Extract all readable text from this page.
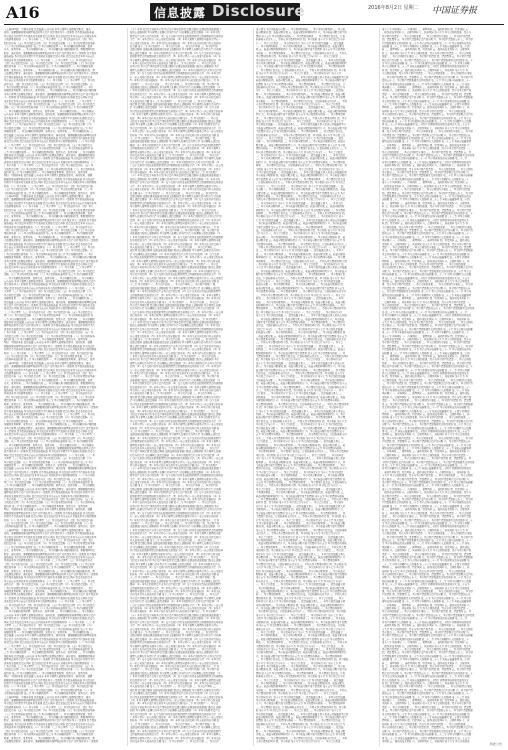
A16	信息披露 Disclosure	2016年8月2日 星期二 中国证券报
（上接A15版） 中国证券报 信息披露 公告内容 本基金管理人依照恪尽职守、诚实
信用、谨慎勤勉的原则管理和运用基金资产 但不保证基金一定盈利 也不保证最低收益
基金的过往业绩并不代表其将来表现 投资有风险 投资者在投资本基金前应认真阅读本基
金的招募说明书 （一）基金名称 （二）基金类型 （三）基金的运作方式 （四）基金
的投资目标 （五）基金的投资范围 （六）基金的投资策略 （七）基金的业绩比较基准
（八）基金的风险收益特征 第三节 基金份额的发售 一、基金份额的发售时间、发售
方式、发售对象 二、基金份额的认购 三、基金份额认购金额的限制 四、募集期间利息
职守、诚实信用、谨慎勤勉的原则管理和运用基金资产 但不保证基金一定盈利 也不保证
最低收益 基金的过往业绩并不代表其将来表现 投资有风险 投资者在投资本基金前应认
真阅读本基金的招募说明书 （一）基金名称 （二）基金类型 （三）基金的运作方式
（四）基金的投资目标 （五）基金的投资范围 （六）基金的投资策略 （七）基金的业
绩比较基准 （八）基金的风险收益特征 第三节 基金份额的发售 一、基金份额的发售
时间、发售方式、发售对象 二、基金份额的认购 三、基金份额认购金额的限制 四、募
人依照恪尽职守、诚实信用、谨慎勤勉的原则管理和运用基金资产 但不保证基金一定盈利
也不保证最低收益 基金的过往业绩并不代表其将来表现 投资有风险 投资者在投资本
基金前应认真阅读本基金的招募说明书 （一）基金名称 （二）基金类型 （三）基金的
运作方式 （四）基金的投资目标 （五）基金的投资范围 （六）基金的投资策略 （七
）基金的业绩比较基准 （八）基金的风险收益特征 第三节 基金份额的发售 一、基金
份额的发售时间、发售方式、发售对象 二、基金份额的认购 三、基金份额认购金额的限
本基金管理人依照恪尽职守、诚实信用、谨慎勤勉的原则管理和运用基金资产 但不保证基
金一定盈利 也不保证最低收益 基金的过往业绩并不代表其将来表现 投资有风险 投资
者在投资本基金前应认真阅读本基金的招募说明书 （一）基金名称 （二）基金类型 （
三）基金的运作方式 （四）基金的投资目标 （五）基金的投资范围 （六）基金的投资
策略 （七）基金的业绩比较基准 （八）基金的风险收益特征 第三节 基金份额的发售
一、基金份额的发售时间、发售方式、发售对象 二、基金份额的认购 三、基金份额认
公告内容 本基金管理人依照恪尽职守、诚实信用、谨慎勤勉的原则管理和运用基金资产
但不保证基金一定盈利 也不保证最低收益 基金的过往业绩并不代表其将来表现 投资有
风险 投资者在投资本基金前应认真阅读本基金的招募说明书 （一）基金名称 （二）基
金类型 （三）基金的运作方式 （四）基金的投资目标 （五）基金的投资范围 （六）
基金的投资策略 （七）基金的业绩比较基准 （八）基金的风险收益特征 第三节 基金
份额的发售 一、基金份额的发售时间、发售方式、发售对象 二、基金份额的认购 三、
信息披露 公告内容 本基金管理人依照恪尽职守、诚实信用、谨慎勤勉的原则管理和运用
基金资产 但不保证基金一定盈利 也不保证最低收益 基金的过往业绩并不代表其将来表
现 投资有风险 投资者在投资本基金前应认真阅读本基金的招募说明书 （一）基金名称
（二）基金类型 （三）基金的运作方式 （四）基金的投资目标 （五）基金的投资范
围 （六）基金的投资策略 （七）基金的业绩比较基准 （八）基金的风险收益特征 第
三节 基金份额的发售 一、基金份额的发售时间、发售方式、发售对象 二、基金份额的
国证券报 信息披露 公告内容 本基金管理人依照恪尽职守、诚实信用、谨慎勤勉的原则
管理和运用基金资产 但不保证基金一定盈利 也不保证最低收益 基金的过往业绩并不代
表其将来表现 投资有风险 投资者在投资本基金前应认真阅读本基金的招募说明书 （一
）基金名称 （二）基金类型 （三）基金的运作方式 （四）基金的投资目标 （五）基
金的投资范围 （六）基金的投资策略 （七）基金的业绩比较基准 （八）基金的风险收
益特征 第三节 基金份额的发售 一、基金份额的发售时间、发售方式、发售对象 二、
5版） 中国证券报 信息披露 公告内容 本基金管理人依照恪尽职守、诚实信用、谨慎
勤勉的原则管理和运用基金资产 但不保证基金一定盈利 也不保证最低收益 基金的过往
业绩并不代表其将来表现 投资有风险 投资者在投资本基金前应认真阅读本基金的招募说
明书 （一）基金名称 （二）基金类型 （三）基金的运作方式 （四）基金的投资目标
（五）基金的投资范围 （六）基金的投资策略 （七）基金的业绩比较基准 （八）基
金的风险收益特征 第三节 基金份额的发售 一、基金份额的发售时间、发售方式、发售
（上接A15版） 中国证券报 信息披露 公告内容 本基金管理人依照恪尽职守、诚实
信用、谨慎勤勉的原则管理和运用基金资产 但不保证基金一定盈利 也不保证最低收益
基金的过往业绩并不代表其将来表现 投资有风险 投资者在投资本基金前应认真阅读本基
金的招募说明书 （一）基金名称 （二）基金类型 （三）基金的运作方式 （四）基金
的投资目标 （五）基金的投资范围 （六）基金的投资策略 （七）基金的业绩比较基准
（八）基金的风险收益特征 第三节 基金份额的发售 一、基金份额的发售时间、发售
方式、发售对象 二、基金份额的认购 三、基金份额认购金额的限制 四、募集期间利息
职守、诚实信用、谨慎勤勉的原则管理和运用基金资产 但不保证基金一定盈利 也不保证
最低收益 基金的过往业绩并不代表其将来表现 投资有风险 投资者在投资本基金前应认
真阅读本基金的招募说明书 （一）基金名称 （二）基金类型 （三）基金的运作方式
（四）基金的投资目标 （五）基金的投资范围 （六）基金的投资策略 （七）基金的业
绩比较基准 （八）基金的风险收益特征 第三节 基金份额的发售 一、基金份额的发售
时间、发售方式、发售对象 二、基金份额的认购 三、基金份额认购金额的限制 四、募
人依照恪尽职守、诚实信用、谨慎勤勉的原则管理和运用基金资产 但不保证基金一定盈利
也不保证最低收益 基金的过往业绩并不代表其将来表现 投资有风险 投资者在投资本
基金前应认真阅读本基金的招募说明书 （一）基金名称 （二）基金类型 （三）基金的
运作方式 （四）基金的投资目标 （五）基金的投资范围 （六）基金的投资策略 （七
）基金的业绩比较基准 （八）基金的风险收益特征 第三节 基金份额的发售 一、基金
份额的发售时间、发售方式、发售对象 二、基金份额的认购 三、基金份额认购金额的限
本基金管理人依照恪尽职守、诚实信用、谨慎勤勉的原则管理和运用基金资产 但不保证基
金一定盈利 也不保证最低收益 基金的过往业绩并不代表其将来表现 投资有风险 投资
者在投资本基金前应认真阅读本基金的招募说明书 （一）基金名称 （二）基金类型 （
三）基金的运作方式 （四）基金的投资目标 （五）基金的投资范围 （六）基金的投资
策略 （七）基金的业绩比较基准 （八）基金的风险收益特征 第三节 基金份额的发售
一、基金份额的发售时间、发售方式、发售对象 二、基金份额的认购 三、基金份额认
公告内容 本基金管理人依照恪尽职守、诚实信用、谨慎勤勉的原则管理和运用基金资产
但不保证基金一定盈利 也不保证最低收益 基金的过往业绩并不代表其将来表现 投资有
风险 投资者在投资本基金前应认真阅读本基金的招募说明书 （一）基金名称 （二）基
金类型 （三）基金的运作方式 （四）基金的投资目标 （五）基金的投资范围 （六）
基金的投资策略 （七）基金的业绩比较基准 （八）基金的风险收益特征 第三节 基金
份额的发售 一、基金份额的发售时间、发售方式、发售对象 二、基金份额的认购 三、
信息披露 公告内容 本基金管理人依照恪尽职守、诚实信用、谨慎勤勉的原则管理和运用
基金资产 但不保证基金一定盈利 也不保证最低收益 基金的过往业绩并不代表其将来表
现 投资有风险 投资者在投资本基金前应认真阅读本基金的招募说明书 （一）基金名称
（二）基金类型 （三）基金的运作方式 （四）基金的投资目标 （五）基金的投资范
围 （六）基金的投资策略 （七）基金的业绩比较基准 （八）基金的风险收益特征 第
三节 基金份额的发售 一、基金份额的发售时间、发售方式、发售对象 二、基金份额的
国证券报 信息披露 公告内容 本基金管理人依照恪尽职守、诚实信用、谨慎勤勉的原则
管理和运用基金资产 但不保证基金一定盈利 也不保证最低收益 基金的过往业绩并不代
表其将来表现 投资有风险 投资者在投资本基金前应认真阅读本基金的招募说明书 （一
）基金名称 （二）基金类型 （三）基金的运作方式 （四）基金的投资目标 （五）基
金的投资范围 （六）基金的投资策略 （七）基金的业绩比较基准 （八）基金的风险收
益特征 第三节 基金份额的发售 一、基金份额的发售时间、发售方式、发售对象 二、
5版） 中国证券报 信息披露 公告内容 本基金管理人依照恪尽职守、诚实信用、谨慎
勤勉的原则管理和运用基金资产 但不保证基金一定盈利 也不保证最低收益 基金的过往
业绩并不代表其将来表现 投资有风险 投资者在投资本基金前应认真阅读本基金的招募说
明书 （一）基金名称 （二）基金类型 （三）基金的运作方式 （四）基金的投资目标
（五）基金的投资范围 （六）基金的投资策略 （七）基金的业绩比较基准 （八）基
金的风险收益特征 第三节 基金份额的发售 一、基金份额的发售时间、发售方式、发售
（上接A15版） 中国证券报 信息披露 公告内容 本基金管理人依照恪尽职守、诚实
信用、谨慎勤勉的原则管理和运用基金资产 但不保证基金一定盈利 也不保证最低收益
基金的过往业绩并不代表其将来表现 投资有风险 投资者在投资本基金前应认真阅读本基
金的招募说明书 （一）基金名称 （二）基金类型 （三）基金的运作方式 （四）基金
的投资目标 （五）基金的投资范围 （六）基金的投资策略 （七）基金的业绩比较基准
（八）基金的风险收益特征 第三节 基金份额的发售 一、基金份额的发售时间、发售
方式、发售对象 二、基金份额的认购 三、基金份额认购金额的限制 四、募集期间利息
职守、诚实信用、谨慎勤勉的原则管理和运用基金资产 但不保证基金一定盈利 也不保证
最低收益 基金的过往业绩并不代表其将来表现 投资有风险 投资者在投资本基金前应认
真阅读本基金的招募说明书 （一）基金名称 （二）基金类型 （三）基金的运作方式
（四）基金的投资目标 （五）基金的投资范围 （六）基金的投资策略 （七）基金的业
绩比较基准 （八）基金的风险收益特征 第三节 基金份额的发售 一、基金份额的发售
时间、发售方式、发售对象 二、基金份额的认购 三、基金份额认购金额的限制 四、募
人依照恪尽职守、诚实信用、谨慎勤勉的原则管理和运用基金资产 但不保证基金一定盈利
也不保证最低收益 基金的过往业绩并不代表其将来表现 投资有风险 投资者在投资本
基金前应认真阅读本基金的招募说明书 （一）基金名称 （二）基金类型 （三）基金的
运作方式 （四）基金的投资目标 （五）基金的投资范围 （六）基金的投资策略 （七
）基金的业绩比较基准 （八）基金的风险收益特征 第三节 基金份额的发售 一、基金
份额的发售时间、发售方式、发售对象 二、基金份额的认购 三、基金份额认购金额的限
本基金管理人依照恪尽职守、诚实信用、谨慎勤勉的原则管理和运用基金资产 但不保证基
金一定盈利 也不保证最低收益 基金的过往业绩并不代表其将来表现 投资有风险 投资
者在投资本基金前应认真阅读本基金的招募说明书 （一）基金名称 （二）基金类型 （
三）基金的运作方式 （四）基金的投资目标 （五）基金的投资范围 （六）基金的投资
策略 （七）基金的业绩比较基准 （八）基金的风险收益特征 第三节 基金份额的发售
一、基金份额的发售时间、发售方式、发售对象 二、基金份额的认购 三、基金份额认
公告内容 本基金管理人依照恪尽职守、诚实信用、谨慎勤勉的原则管理和运用基金资产
但不保证基金一定盈利 也不保证最低收益 基金的过往业绩并不代表其将来表现 投资有
风险 投资者在投资本基金前应认真阅读本基金的招募说明书 （一）基金名称 （二）基
金类型 （三）基金的运作方式 （四）基金的投资目标 （五）基金的投资范围 （六）
基金的投资策略 （七）基金的业绩比较基准 （八）基金的风险收益特征 第三节 基金
份额的发售 一、基金份额的发售时间、发售方式、发售对象 二、基金份额的认购 三、
信息披露 公告内容 本基金管理人依照恪尽职守、诚实信用、谨慎勤勉的原则管理和运用
基金资产 但不保证基金一定盈利 也不保证最低收益 基金的过往业绩并不代表其将来表
现 投资有风险 投资者在投资本基金前应认真阅读本基金的招募说明书 （一）基金名称
（二）基金类型 （三）基金的运作方式 （四）基金的投资目标 （五）基金的投资范
围 （六）基金的投资策略 （七）基金的业绩比较基准 （八）基金的风险收益特征 第
三节 基金份额的发售 一、基金份额的发售时间、发售方式、发售对象 二、基金份额的
国证券报 信息披露 公告内容 本基金管理人依照恪尽职守、诚实信用、谨慎勤勉的原则
管理和运用基金资产 但不保证基金一定盈利 也不保证最低收益 基金的过往业绩并不代
表其将来表现 投资有风险 投资者在投资本基金前应认真阅读本基金的招募说明书 （一
）基金名称 （二）基金类型 （三）基金的运作方式 （四）基金的投资目标 （五）基
金的投资范围 （六）基金的投资策略 （七）基金的业绩比较基准 （八）基金的风险收
益特征 第三节 基金份额的发售 一、基金份额的发售时间、发售方式、发售对象 二、
5版） 中国证券报 信息披露 公告内容 本基金管理人依照恪尽职守、诚实信用、谨慎
勤勉的原则管理和运用基金资产 但不保证基金一定盈利 也不保证最低收益 基金的过往
业绩并不代表其将来表现 投资有风险 投资者在投资本基金前应认真阅读本基金的招募说
明书 （一）基金名称 （二）基金类型 （三）基金的运作方式 （四）基金的投资目标
（五）基金的投资范围 （六）基金的投资策略 （七）基金的业绩比较基准 （八）基
金的风险收益特征 第三节 基金份额的发售 一、基金份额的发售时间、发售方式、发售
（上接A15版） 中国证券报 信息披露 公告内容 本基金管理人依照恪尽职守、诚实
信用、谨慎勤勉的原则管理和运用基金资产 但不保证基金一定盈利 也不保证最低收益
基金的过往业绩并不代表其将来表现 投资有风险 投资者在投资本基金前应认真阅读本基
金的招募说明书 （一）基金名称 （二）基金类型 （三）基金的运作方式 （四）基金
的投资目标 （五）基金的投资范围 （六）基金的投资策略 （七）基金的业绩比较基准
（八）基金的风险收益特征 第三节 基金份额的发售 一、基金份额的发售时间、发售
方式、发售对象 二、基金份额的认购 三、基金份额认购金额的限制 四、募集期间利息
职守、诚实信用、谨慎勤勉的原则管理和运用基金资产 但不保证基金一定盈利 也不保证
最低收益 基金的过往业绩并不代表其将来表现 投资有风险 投资者在投资本基金前应认
真阅读本基金的招募说明书 （一）基金名称 （二）基金类型 （三）基金的运作方式
（四）基金的投资目标 （五）基金的投资范围 （六）基金的投资策略 （七）基金的业
绩比较基准 （八）基金的风险收益特征 第三节 基金份额的发售 一、基金份额的发售
时间、发售方式、发售对象 二、基金份额的认购 三、基金份额认购金额的限制 四、募
人依照恪尽职守、诚实信用、谨慎勤勉的原则管理和运用基金资产 但不保证基金一定盈利
也不保证最低收益 基金的过往业绩并不代表其将来表现 投资有风险 投资者在投资本
基金前应认真阅读本基金的招募说明书 （一）基金名称 （二）基金类型 （三）基金的
运作方式 （四）基金的投资目标 （五）基金的投资范围 （六）基金的投资策略 （七
）基金的业绩比较基准 （八）基金的风险收益特征 第三节 基金份额的发售 一、基金
份额的发售时间、发售方式、发售对象 二、基金份额的认购 三、基金份额认购金额的限
本基金管理人依照恪尽职守、诚实信用、谨慎勤勉的原则管理和运用基金资产 但不保证基
金一定盈利 也不保证最低收益 基金的过往业绩并不代表其将来表现 投资有风险 投资
者在投资本基金前应认真阅读本基金的招募说明书 （一）基金名称 （二）基金类型 （
三）基金的运作方式 （四）基金的投资目标 （五）基金的投资范围 （六）基金的投资
策略 （七）基金的业绩比较基准 （八）基金的风险收益特征 第三节 基金份额的发售
一、基金份额的发售时间、发售方式、发售对象 二、基金份额的认购 三、基金份额认
公告内容 本基金管理人依照恪尽职守、诚实信用、谨慎勤勉的原则管理和运用基金资产
但不保证基金一定盈利 也不保证最低收益 基金的过往业绩并不代表其将来表现 投资有
风险 投资者在投资本基金前应认真阅读本基金的招募说明书 （一）基金名称 （二）基
金类型 （三）基金的运作方式 （四）基金的投资目标 （五）基金的投资范围 （六）
基金的投资策略 （七）基金的业绩比较基准 （八）基金的风险收益特征 第三节 基金
份额的发售 一、基金份额的发售时间、发售方式、发售对象 二、基金份额的认购 三、
信息披露 公告内容 本基金管理人依照恪尽职守、诚实信用、谨慎勤勉的原则管理和运用
基金资产 但不保证基金一定盈利 也不保证最低收益 基金的过往业绩并不代表其将来表
现 投资有风险 投资者在投资本基金前应认真阅读本基金的招募说明书 （一）基金名称
（二）基金类型 （三）基金的运作方式 （四）基金的投资目标 （五）基金的投资范
围 （六）基金的投资策略 （七）基金的业绩比较基准 （八）基金的风险收益特征 第
三节 基金份额的发售 一、基金份额的发售时间、发售方式、发售对象 二、基金份额的
国证券报 信息披露 公告内容 本基金管理人依照恪尽职守、诚实信用、谨慎勤勉的原则
管理和运用基金资产 但不保证基金一定盈利 也不保证最低收益 基金的过往业绩并不代
表其将来表现 投资有风险 投资者在投资本基金前应认真阅读本基金的招募说明书 （一
）基金名称 （二）基金类型 （三）基金的运作方式 （四）基金的投资目标 （五）基
金的投资范围 （六）基金的投资策略 （七）基金的业绩比较基准 （八）基金的风险收
益特征 第三节 基金份额的发售 一、基金份额的发售时间、发售方式、发售对象 二、
5版） 中国证券报 信息披露 公告内容 本基金管理人依照恪尽职守、诚实信用、谨慎
勤勉的原则管理和运用基金资产 但不保证基金一定盈利 也不保证最低收益 基金的过往
业绩并不代表其将来表现 投资有风险 投资者在投资本基金前应认真阅读本基金的招募说
明书 （一）基金名称 （二）基金类型 （三）基金的运作方式 （四）基金的投资目标
（五）基金的投资范围 （六）基金的投资策略 （七）基金的业绩比较基准 （八）基
金的风险收益特征 第三节 基金份额的发售 一、基金份额的发售时间、发售方式、发售
（上接A15版） 中国证券报 信息披露 公告内容 本基金管理人依照恪尽职守、诚实
信用、谨慎勤勉的原则管理和运用基金资产 但不保证基金一定盈利 也不保证最低收益
基金的过往业绩并不代表其将来表现 投资有风险 投资者在投资本基金前应认真阅读本基
金的招募说明书 （一）基金名称 （二）基金类型 （三）基金的运作方式 （四）基金
的投资目标 （五）基金的投资范围 （六）基金的投资策略 （七）基金的业绩比较基准
（八）基金的风险收益特征 第三节 基金份额的发售 一、基金份额的发售时间、发售
方式、发售对象 二、基金份额的认购 三、基金份额认购金额的限制 四、募集期间利息
职守、诚实信用、谨慎勤勉的原则管理和运用基金资产 但不保证基金一定盈利 也不保证
最低收益 基金的过往业绩并不代表其将来表现 投资有风险 投资者在投资本基金前应认
真阅读本基金的招募说明书 （一）基金名称 （二）基金类型 （三）基金的运作方式
（四）基金的投资目标 （五）基金的投资范围 （六）基金的投资策略 （七）基金的业
绩比较基准 （八）基金的风险收益特征 第三节 基金份额的发售 一、基金份额的发售
时间、发售方式、发售对象 二、基金份额的认购 三、基金份额认购金额的限制 四、募
人依照恪尽职守、诚实信用、谨慎勤勉的原则管理和运用基金资产 但不保证基金一定盈利
（十）本基金投资于其他基金的 基金资产净值比例 投资组合限制 法律法规或监管部门
取消上述限制的 基金管理人在履行适当程序后 可以调整上述投资限制 （1）本基金的
股票资产占基金资产的比例 （2）每个交易日日终在扣除股指期货合约需缴纳的交易保证
金后 （3）本基金持有一家公司发行的证券 （4）本基金管理人管理的全部基金持有一
家公司发行的证券 （5）本基金持有的全部权证 （6）本基金在任何交易日买入权证的
总金额 第十二节 基金的财产 一、基金资产总值 二、基金资产净值 三、基金财产的
资组合限制 法律法规或监管部门取消上述限制的 基金管理人在履行适当程序后 可以调
整上述投资限制 （1）本基金的股票资产占基金资产的比例 （2）每个交易日日终在扣
除股指期货合约需缴纳的交易保证金后 （3）本基金持有一家公司发行的证券 （4）本
基金管理人管理的全部基金持有一家公司发行的证券 （5）本基金持有的全部权证 （6
）本基金在任何交易日买入权证的总金额 第十二节 基金的财产 一、基金资产总值 二
他基金的 基金资产净值比例 投资组合限制 法律法规或监管部门取消上述限制的 基金
管理人在履行适当程序后 可以调整上述投资限制 （1）本基金的股票资产占基金资产的
比例 （2）每个交易日日终在扣除股指期货合约需缴纳的交易保证金后 （3）本基金持
有一家公司发行的证券 （4）本基金管理人管理的全部基金持有一家公司发行的证券 （
5）本基金持有的全部权证 （6）本基金在任何交易日买入权证的总金额 第十二节 基
金的财产 一、基金资产总值 二、基金资产净值 三、基金财产的账户 四、基金财产的
或监管部门取消上述限制的 基金管理人在履行适当程序后 可以调整上述投资限制 （1
）本基金的股票资产占基金资产的比例 （2）每个交易日日终在扣除股指期货合约需缴纳
的交易保证金后 （3）本基金持有一家公司发行的证券 （4）本基金管理人管理的全部
基金持有一家公司发行的证券 （5）本基金持有的全部权证 （6）本基金在任何交易日
买入权证的总金额 第十二节 基金的财产 一、基金资产总值 二、基金资产净值 三、
值比例 投资组合限制 法律法规或监管部门取消上述限制的 基金管理人在履行适当程序
后 可以调整上述投资限制 （1）本基金的股票资产占基金资产的比例 （2）每个交易
日日终在扣除股指期货合约需缴纳的交易保证金后 （3）本基金持有一家公司发行的证券
（4）本基金管理人管理的全部基金持有一家公司发行的证券 （5）本基金持有的全部
权证 （6）本基金在任何交易日买入权证的总金额 第十二节 基金的财产 一、基金资
金投资于其他基金的 基金资产净值比例 投资组合限制 法律法规或监管部门取消上述限
制的 基金管理人在履行适当程序后 可以调整上述投资限制 （1）本基金的股票资产占
基金资产的比例 （2）每个交易日日终在扣除股指期货合约需缴纳的交易保证金后 （3
）本基金持有一家公司发行的证券 （4）本基金管理人管理的全部基金持有一家公司发行
的证券 （5）本基金持有的全部权证 （6）本基金在任何交易日买入权证的总金额 第
十二节 基金的财产 一、基金资产总值 二、基金资产净值 三、基金财产的账户 四、
法律法规或监管部门取消上述限制的 基金管理人在履行适当程序后 可以调整上述投资
限制 （1）本基金的股票资产占基金资产的比例 （2）每个交易日日终在扣除股指期货
合约需缴纳的交易保证金后 （3）本基金持有一家公司发行的证券 （4）本基金管理人
管理的全部基金持有一家公司发行的证券 （5）本基金持有的全部权证 （6）本基金在
任何交易日买入权证的总金额 第十二节 基金的财产 一、基金资产总值 二、基金资产
基金资产净值比例 投资组合限制 法律法规或监管部门取消上述限制的 基金管理人在履
行适当程序后 可以调整上述投资限制 （1）本基金的股票资产占基金资产的比例 （2
）每个交易日日终在扣除股指期货合约需缴纳的交易保证金后 （3）本基金持有一家公司
发行的证券 （4）本基金管理人管理的全部基金持有一家公司发行的证券 （5）本基金
持有的全部权证 （6）本基金在任何交易日买入权证的总金额 第十二节 基金的财产
（十）本基金投资于其他基金的 基金资产净值比例 投资组合限制 法律法规或监管部门
取消上述限制的 基金管理人在履行适当程序后 可以调整上述投资限制 （1）本基金的
股票资产占基金资产的比例 （2）每个交易日日终在扣除股指期货合约需缴纳的交易保证
金后 （3）本基金持有一家公司发行的证券 （4）本基金管理人管理的全部基金持有一
家公司发行的证券 （5）本基金持有的全部权证 （6）本基金在任何交易日买入权证的
总金额 第十二节 基金的财产 一、基金资产总值 二、基金资产净值 三、基金财产的
资组合限制 法律法规或监管部门取消上述限制的 基金管理人在履行适当程序后 可以调
整上述投资限制 （1）本基金的股票资产占基金资产的比例 （2）每个交易日日终在扣
除股指期货合约需缴纳的交易保证金后 （3）本基金持有一家公司发行的证券 （4）本
基金管理人管理的全部基金持有一家公司发行的证券 （5）本基金持有的全部权证 （6
）本基金在任何交易日买入权证的总金额 第十二节 基金的财产 一、基金资产总值 二
他基金的 基金资产净值比例 投资组合限制 法律法规或监管部门取消上述限制的 基金
管理人在履行适当程序后 可以调整上述投资限制 （1）本基金的股票资产占基金资产的
比例 （2）每个交易日日终在扣除股指期货合约需缴纳的交易保证金后 （3）本基金持
有一家公司发行的证券 （4）本基金管理人管理的全部基金持有一家公司发行的证券 （
5）本基金持有的全部权证 （6）本基金在任何交易日买入权证的总金额 第十二节 基
金的财产 一、基金资产总值 二、基金资产净值 三、基金财产的账户 四、基金财产的
或监管部门取消上述限制的 基金管理人在履行适当程序后 可以调整上述投资限制 （1
）本基金的股票资产占基金资产的比例 （2）每个交易日日终在扣除股指期货合约需缴纳
的交易保证金后 （3）本基金持有一家公司发行的证券 （4）本基金管理人管理的全部
基金持有一家公司发行的证券 （5）本基金持有的全部权证 （6）本基金在任何交易日
买入权证的总金额 第十二节 基金的财产 一、基金资产总值 二、基金资产净值 三、
值比例 投资组合限制 法律法规或监管部门取消上述限制的 基金管理人在履行适当程序
后 可以调整上述投资限制 （1）本基金的股票资产占基金资产的比例 （2）每个交易
日日终在扣除股指期货合约需缴纳的交易保证金后 （3）本基金持有一家公司发行的证券
（4）本基金管理人管理的全部基金持有一家公司发行的证券 （5）本基金持有的全部
权证 （6）本基金在任何交易日买入权证的总金额 第十二节 基金的财产 一、基金资
金投资于其他基金的 基金资产净值比例 投资组合限制 法律法规或监管部门取消上述限
制的 基金管理人在履行适当程序后 可以调整上述投资限制 （1）本基金的股票资产占
基金资产的比例 （2）每个交易日日终在扣除股指期货合约需缴纳的交易保证金后 （3
）本基金持有一家公司发行的证券 （4）本基金管理人管理的全部基金持有一家公司发行
的证券 （5）本基金持有的全部权证 （6）本基金在任何交易日买入权证的总金额 第
十二节 基金的财产 一、基金资产总值 二、基金资产净值 三、基金财产的账户 四、
法律法规或监管部门取消上述限制的 基金管理人在履行适当程序后 可以调整上述投资
限制 （1）本基金的股票资产占基金资产的比例 （2）每个交易日日终在扣除股指期货
合约需缴纳的交易保证金后 （3）本基金持有一家公司发行的证券 （4）本基金管理人
管理的全部基金持有一家公司发行的证券 （5）本基金持有的全部权证 （6）本基金在
任何交易日买入权证的总金额 第十二节 基金的财产 一、基金资产总值 二、基金资产
基金资产净值比例 投资组合限制 法律法规或监管部门取消上述限制的 基金管理人在履
行适当程序后 可以调整上述投资限制 （1）本基金的股票资产占基金资产的比例 （2
）每个交易日日终在扣除股指期货合约需缴纳的交易保证金后 （3）本基金持有一家公司
发行的证券 （4）本基金管理人管理的全部基金持有一家公司发行的证券 （5）本基金
持有的全部权证 （6）本基金在任何交易日买入权证的总金额 第十二节 基金的财产
（十）本基金投资于其他基金的 基金资产净值比例 投资组合限制 法律法规或监管部门
取消上述限制的 基金管理人在履行适当程序后 可以调整上述投资限制 （1）本基金的
股票资产占基金资产的比例 （2）每个交易日日终在扣除股指期货合约需缴纳的交易保证
金后 （3）本基金持有一家公司发行的证券 （4）本基金管理人管理的全部基金持有一
家公司发行的证券 （5）本基金持有的全部权证 （6）本基金在任何交易日买入权证的
总金额 第十二节 基金的财产 一、基金资产总值 二、基金资产净值 三、基金财产的
资组合限制 法律法规或监管部门取消上述限制的 基金管理人在履行适当程序后 可以调
整上述投资限制 （1）本基金的股票资产占基金资产的比例 （2）每个交易日日终在扣
除股指期货合约需缴纳的交易保证金后 （3）本基金持有一家公司发行的证券 （4）本
基金管理人管理的全部基金持有一家公司发行的证券 （5）本基金持有的全部权证 （6
）本基金在任何交易日买入权证的总金额 第十二节 基金的财产 一、基金资产总值 二
他基金的 基金资产净值比例 投资组合限制 法律法规或监管部门取消上述限制的 基金
管理人在履行适当程序后 可以调整上述投资限制 （1）本基金的股票资产占基金资产的
比例 （2）每个交易日日终在扣除股指期货合约需缴纳的交易保证金后 （3）本基金持
有一家公司发行的证券 （4）本基金管理人管理的全部基金持有一家公司发行的证券 （
5）本基金持有的全部权证 （6）本基金在任何交易日买入权证的总金额 第十二节 基
金的财产 一、基金资产总值 二、基金资产净值 三、基金财产的账户 四、基金财产的
或监管部门取消上述限制的 基金管理人在履行适当程序后 可以调整上述投资限制 （1
）本基金的股票资产占基金资产的比例 （2）每个交易日日终在扣除股指期货合约需缴纳
的交易保证金后 （3）本基金持有一家公司发行的证券 （4）本基金管理人管理的全部
基金持有一家公司发行的证券 （5）本基金持有的全部权证 （6）本基金在任何交易日
买入权证的总金额 第十二节 基金的财产 一、基金资产总值 二、基金资产净值 三、
值比例 投资组合限制 法律法规或监管部门取消上述限制的 基金管理人在履行适当程序
后 可以调整上述投资限制 （1）本基金的股票资产占基金资产的比例 （2）每个交易
日日终在扣除股指期货合约需缴纳的交易保证金后 （3）本基金持有一家公司发行的证券
（4）本基金管理人管理的全部基金持有一家公司发行的证券 （5）本基金持有的全部
权证 （6）本基金在任何交易日买入权证的总金额 第十二节 基金的财产 一、基金资
金投资于其他基金的 基金资产净值比例 投资组合限制 法律法规或监管部门取消上述限
制的 基金管理人在履行适当程序后 可以调整上述投资限制 （1）本基金的股票资产占
基金资产的比例 （2）每个交易日日终在扣除股指期货合约需缴纳的交易保证金后 （3
）本基金持有一家公司发行的证券 （4）本基金管理人管理的全部基金持有一家公司发行
的证券 （5）本基金持有的全部权证 （6）本基金在任何交易日买入权证的总金额 第
十二节 基金的财产 一、基金资产总值 二、基金资产净值 三、基金财产的账户 四、
法律法规或监管部门取消上述限制的 基金管理人在履行适当程序后 可以调整上述投资
限制 （1）本基金的股票资产占基金资产的比例 （2）每个交易日日终在扣除股指期货
合约需缴纳的交易保证金后 （3）本基金持有一家公司发行的证券 （4）本基金管理人
管理的全部基金持有一家公司发行的证券 （5）本基金持有的全部权证 （6）本基金在
任何交易日买入权证的总金额 第十二节 基金的财产 一、基金资产总值 二、基金资产
基金资产净值比例 投资组合限制 法律法规或监管部门取消上述限制的 基金管理人在履
行适当程序后 可以调整上述投资限制 （1）本基金的股票资产占基金资产的比例 （2
）每个交易日日终在扣除股指期货合约需缴纳的交易保证金后 （3）本基金持有一家公司
发行的证券 （4）本基金管理人管理的全部基金持有一家公司发行的证券 （5）本基金
持有的全部权证 （6）本基金在任何交易日买入权证的总金额 第十二节 基金的财产
（十）本基金投资于其他基金的 基金资产净值比例 投资组合限制 法律法规或监管部门
取消上述限制的 基金管理人在履行适当程序后 可以调整上述投资限制 （1）本基金的
股票资产占基金资产的比例 （2）每个交易日日终在扣除股指期货合约需缴纳的交易保证
金后 （3）本基金持有一家公司发行的证券 （4）本基金管理人管理的全部基金持有一
家公司发行的证券 （5）本基金持有的全部权证 （6）本基金在任何交易日买入权证的
总金额 第十二节 基金的财产 一、基金资产总值 二、基金资产净值 三、基金财产的
资组合限制 法律法规或监管部门取消上述限制的 基金管理人在履行适当程序后 可以调
整上述投资限制 （1）本基金的股票资产占基金资产的比例 （2）每个交易日日终在扣
除股指期货合约需缴纳的交易保证金后 （3）本基金持有一家公司发行的证券 （4）本
基金管理人管理的全部基金持有一家公司发行的证券 （5）本基金持有的全部权证 （6
）本基金在任何交易日买入权证的总金额 第十二节 基金的财产 一、基金资产总值 二
他基金的 基金资产净值比例 投资组合限制 法律法规或监管部门取消上述限制的 基金
管理人在履行适当程序后 可以调整上述投资限制 （1）本基金的股票资产占基金资产的
比例 （2）每个交易日日终在扣除股指期货合约需缴纳的交易保证金后 （3）本基金持
有一家公司发行的证券 （4）本基金管理人管理的全部基金持有一家公司发行的证券 （
5）本基金持有的全部权证 （6）本基金在任何交易日买入权证的总金额 第十二节 基
金的财产 一、基金资产总值 二、基金资产净值 三、基金财产的账户 四、基金财产的
或监管部门取消上述限制的 基金管理人在履行适当程序后 可以调整上述投资限制 （1
）本基金的股票资产占基金资产的比例 （2）每个交易日日终在扣除股指期货合约需缴纳
的交易保证金后 （3）本基金持有一家公司发行的证券 （4）本基金管理人管理的全部
基金持有一家公司发行的证券 （5）本基金持有的全部权证 （6）本基金在任何交易日
买入权证的总金额 第十二节 基金的财产 一、基金资产总值 二、基金资产净值 三、
值比例 投资组合限制 法律法规或监管部门取消上述限制的 基金管理人在履行适当程序
后 可以调整上述投资限制 （1）本基金的股票资产占基金资产的比例 （2）每个交易
日日终在扣除股指期货合约需缴纳的交易保证金后 （3）本基金持有一家公司发行的证券
（4）本基金管理人管理的全部基金持有一家公司发行的证券 （5）本基金持有的全部
权证 （6）本基金在任何交易日买入权证的总金额 第十二节 基金的财产 一、基金资
金投资于其他基金的 基金资产净值比例 投资组合限制 法律法规或监管部门取消上述限
制的 基金管理人在履行适当程序后 可以调整上述投资限制 （1）本基金的股票资产占
基金资产的比例 （2）每个交易日日终在扣除股指期货合约需缴纳的交易保证金后 （3
）本基金持有一家公司发行的证券 （4）本基金管理人管理的全部基金持有一家公司发行
的证券 （5）本基金持有的全部权证 （6）本基金在任何交易日买入权证的总金额 第
十二节 基金的财产 一、基金资产总值 二、基金资产净值 三、基金财产的账户 四、
法律法规或监管部门取消上述限制的 基金管理人在履行适当程序后 可以调整上述投资
限制 （1）本基金的股票资产占基金资产的比例 （2）每个交易日日终在扣除股指期货
合约需缴纳的交易保证金后 （3）本基金持有一家公司发行的证券 （4）本基金管理人
管理的全部基金持有一家公司发行的证券 （5）本基金持有的全部权证 （6）本基金在
任何交易日买入权证的总金额 第十二节 基金的财产 一、基金资产总值 二、基金资产
基金资产净值比例 投资组合限制 法律法规或监管部门取消上述限制的 基金管理人在履
行适当程序后 可以调整上述投资限制 （1）本基金的股票资产占基金资产的比例 （2
）每个交易日日终在扣除股指期货合约需缴纳的交易保证金后 （3）本基金持有一家公司
发行的证券 （4）本基金管理人管理的全部基金持有一家公司发行的证券 （5）本基金
持有的全部权证 （6）本基金在任何交易日买入权证的总金额 第十二节 基金的财产
（十）本基金投资于其他基金的 基金资产净值比例 投资组合限制 法律法规或监管部门
取消上述限制的 基金管理人在履行适当程序后 可以调整上述投资限制 （1）本基金的
股票资产占基金资产的比例 （2）每个交易日日终在扣除股指期货合约需缴纳的交易保证
金后 （3）本基金持有一家公司发行的证券 （4）本基金管理人管理的全部基金持有一
家公司发行的证券 （5）本基金持有的全部权证 （6）本基金在任何交易日买入权证的
总金额 第十二节 基金的财产 一、基金资产总值 二、基金资产净值 三、基金财产的
资组合限制 法律法规或监管部门取消上述限制的 基金管理人在履行适当程序后 可以调
整上述投资限制 （1）本基金的股票资产占基金资产的比例 （2）每个交易日日终在扣
除股指期货合约需缴纳的交易保证金后 （3）本基金持有一家公司发行的证券 （4）本
基金管理人管理的全部基金持有一家公司发行的证券 （5）本基金持有的全部权证 （6
）本基金在任何交易日买入权证的总金额 第十二节 基金的财产 一、基金资产总值 二
他基金的 基金资产净值比例 投资组合限制 法律法规或监管部门取消上述限制的 基金
管理人在履行适当程序后 可以调整上述投资限制 （1）本基金的股票资产占基金资产的
比例 （2）每个交易日日终在扣除股指期货合约需缴纳的交易保证金后 （3）本基金持
有一家公司发行的证券 （4）本基金管理人管理的全部基金持有一家公司发行的证券 （
5）本基金持有的全部权证 （6）本基金在任何交易日买入权证的总金额 第十二节 基
金的财产 一、基金资产总值 二、基金资产净值 三、基金财产的账户 四、基金财产的
或监管部门取消上述限制的 基金管理人在履行适当程序后 可以调整上述投资限制 （1
）本基金的股票资产占基金资产的比例 （2）每个交易日日终在扣除股指期货合约需缴纳
的交易保证金后 （3）本基金持有一家公司发行的证券 （4）本基金管理人管理的全部
基金持有一家公司发行的证券 （5）本基金持有的全部权证 （6）本基金在任何交易日
买入权证的总金额 第十二节 基金的财产 一、基金资产总值 二、基金资产净值 三、
值比例 投资组合限制 法律法规或监管部门取消上述限制的 基金管理人在履行适当程序
后 可以调整上述投资限制 （1）本基金的股票资产占基金资产的比例 （2）每个交易
日日终在扣除股指期货合约需缴纳的交易保证金后 （3）本基金持有一家公司发行的证券
（4）本基金管理人管理的全部基金持有一家公司发行的证券 （5）本基金持有的全部
权证 （6）本基金在任何交易日买入权证的总金额 第十二节 基金的财产 一、基金资
金投资于其他基金的 基金资产净值比例 投资组合限制 法律法规或监管部门取消上述限
制的 基金管理人在履行适当程序后 可以调整上述投资限制 （1）本基金的股票资产占
基金资产的比例 （2）每个交易日日终在扣除股指期货合约需缴纳的交易保证金后 （3
）本基金持有一家公司发行的证券 （4）本基金管理人管理的全部基金持有一家公司发行
的证券 （5）本基金持有的全部权证 （6）本基金在任何交易日买入权证的总金额 第
十二节 基金的财产 一、基金资产总值 二、基金资产净值 三、基金财产的账户 四、
法律法规或监管部门取消上述限制的 基金管理人在履行适当程序后 可以调整上述投资
限制 （1）本基金的股票资产占基金资产的比例 （2）每个交易日日终在扣除股指期货
合约需缴纳的交易保证金后 （3）本基金持有一家公司发行的证券 （4）本基金管理人
管理的全部基金持有一家公司发行的证券 （5）本基金持有的全部权证 （6）本基金在
任何交易日买入权证的总金额 第十二节 基金的财产 一、基金资产总值 二、基金资产
第十四节 基金的收益与分配 一、基金利润的构成 二、基金可供分配利润 三、基金收
益分配原则 四、收益分配方案 五、收益分配的时间和程序 六、基金收益分配中发生的
费用 第十五节 基金的费用与税收 一、基金费用的种类 二、基金费用计提方法、计提
标准和支付方式 三、不列入基金费用的项目 四、基金税收 第十六节 基金的会计与审
计 一、基金会计政策 二、基金的年度审计 第十七节 基金的信息披露 一、信息披露
一、基金利润的构成 二、基金可供分配利润 三、基金收益分配原则 四、收益分配方
案 五、收益分配的时间和程序 六、基金收益分配中发生的费用 第十五节 基金的费用
与税收 一、基金费用的种类 二、基金费用计提方法、计提标准和支付方式 三、不列入
基金费用的项目 四、基金税收 第十六节 基金的会计与审计 一、基金会计政策 二、
基金的年度审计 第十七节 基金的信息披露 一、信息披露义务人 二、本基金信息披露
基金可供分配利润 三、基金收益分配原则 四、收益分配方案 五、收益分配的时间和程
序 六、基金收益分配中发生的费用 第十五节 基金的费用与税收 一、基金费用的种类
二、基金费用计提方法、计提标准和支付方式 三、不列入基金费用的项目 四、基金税
收 第十六节 基金的会计与审计 一、基金会计政策 二、基金的年度审计 第十七节
基金的信息披露 一、信息披露义务人 二、本基金信息披露义务人承诺公开披露的基金信
收益分配原则 四、收益分配方案 五、收益分配的时间和程序 六、基金收益分配中发生
的费用 第十五节 基金的费用与税收 一、基金费用的种类 二、基金费用计提方法、计
提标准和支付方式 三、不列入基金费用的项目 四、基金税收 第十六节 基金的会计与
审计 一、基金会计政策 二、基金的年度审计 第十七节 基金的信息披露 一、信息披
配 一、基金利润的构成 二、基金可供分配利润 三、基金收益分配原则 四、收益分配
方案 五、收益分配的时间和程序 六、基金收益分配中发生的费用 第十五节 基金的费
用与税收 一、基金费用的种类 二、基金费用计提方法、计提标准和支付方式 三、不列
入基金费用的项目 四、基金税收 第十六节 基金的会计与审计 一、基金会计政策 二
、基金的年度审计 第十七节 基金的信息披露 一、信息披露义务人 二、本基金信息披
、基金可供分配利润 三、基金收益分配原则 四、收益分配方案 五、收益分配的时间和
程序 六、基金收益分配中发生的费用 第十五节 基金的费用与税收 一、基金费用的种
类 二、基金费用计提方法、计提标准和支付方式 三、不列入基金费用的项目 四、基金
税收 第十六节 基金的会计与审计 一、基金会计政策 二、基金的年度审计 第十七节
基金的信息披露 一、信息披露义务人 二、本基金信息披露义务人承诺公开披露的基金
金收益分配原则 四、收益分配方案 五、收益分配的时间和程序 六、基金收益分配中发
生的费用 第十五节 基金的费用与税收 一、基金费用的种类 二、基金费用计提方法、
计提标准和支付方式 三、不列入基金费用的项目 四、基金税收 第十六节 基金的会计
与审计 一、基金会计政策 二、基金的年度审计 第十七节 基金的信息披露 一、信息
分配 一、基金利润的构成 二、基金可供分配利润 三、基金收益分配原则 四、收益分
配方案 五、收益分配的时间和程序 六、基金收益分配中发生的费用 第十五节 基金的
费用与税收 一、基金费用的种类 二、基金费用计提方法、计提标准和支付方式 三、不
列入基金费用的项目 四、基金税收 第十六节 基金的会计与审计 一、基金会计政策
二、基金的年度审计 第十七节 基金的信息披露 一、信息披露义务人 二、本基金信息
二、基金可供分配利润 三、基金收益分配原则 四、收益分配方案 五、收益分配的时间
和程序 六、基金收益分配中发生的费用 第十五节 基金的费用与税收 一、基金费用的
种类 二、基金费用计提方法、计提标准和支付方式 三、不列入基金费用的项目 四、基
金税收 第十六节 基金的会计与审计 一、基金会计政策 二、基金的年度审计 第十七
节 基金的信息披露 一、信息披露义务人 二、本基金信息披露义务人承诺公开披露的基
基金收益分配原则 四、收益分配方案 五、收益分配的时间和程序 六、基金收益分配中
发生的费用 第十五节 基金的费用与税收 一、基金费用的种类 二、基金费用计提方法
、计提标准和支付方式 三、不列入基金费用的项目 四、基金税收 第十六节 基金的会
计与审计 一、基金会计政策 二、基金的年度审计 第十七节 基金的信息披露 一、信
与分配 一、基金利润的构成 二、基金可供分配利润 三、基金收益分配原则 四、收益
分配方案 五、收益分配的时间和程序 六、基金收益分配中发生的费用 第十五节 基金
的费用与税收 一、基金费用的种类 二、基金费用计提方法、计提标准和支付方式 三、
不列入基金费用的项目 四、基金税收 第十六节 基金的会计与审计 一、基金会计政策
二、基金的年度审计 第十七节 基金的信息披露 一、信息披露义务人 二、本基金信
二、基金可供分配利润 三、基金收益分配原则 四、收益分配方案 五、收益分配的时
间和程序 六、基金收益分配中发生的费用 第十五节 基金的费用与税收 一、基金费用
的种类 二、基金费用计提方法、计提标准和支付方式 三、不列入基金费用的项目 四、
基金税收 第十六节 基金的会计与审计 一、基金会计政策 二、基金的年度审计 第十
七节 基金的信息披露 一、信息披露义务人 二、本基金信息披露义务人承诺公开披露的
、基金收益分配原则 四、收益分配方案 五、收益分配的时间和程序 六、基金收益分配
中发生的费用 第十五节 基金的费用与税收 一、基金费用的种类 二、基金费用计提方
法、计提标准和支付方式 三、不列入基金费用的项目 四、基金税收 第十六节 基金的
会计与审计 一、基金会计政策 二、基金的年度审计 第十七节 基金的信息披露 一、
益与分配 一、基金利润的构成 二、基金可供分配利润 三、基金收益分配原则 四、收
益分配方案 五、收益分配的时间和程序 六、基金收益分配中发生的费用 第十五节 基
金的费用与税收 一、基金费用的种类 二、基金费用计提方法、计提标准和支付方式 三
、不列入基金费用的项目 四、基金税收 第十六节 基金的会计与审计 一、基金会计政
策 二、基金的年度审计 第十七节 基金的信息披露 一、信息披露义务人 二、本基金
成 二、基金可供分配利润 三、基金收益分配原则 四、收益分配方案 五、收益分配的
时间和程序 六、基金收益分配中发生的费用 第十五节 基金的费用与税收 一、基金费
用的种类 二、基金费用计提方法、计提标准和支付方式 三、不列入基金费用的项目 四
、基金税收 第十六节 基金的会计与审计 一、基金会计政策 二、基金的年度审计 第
十七节 基金的信息披露 一、信息披露义务人 二、本基金信息披露义务人承诺公开披露
三、基金收益分配原则 四、收益分配方案 五、收益分配的时间和程序 六、基金收益分
配中发生的费用 第十五节 基金的费用与税收 一、基金费用的种类 二、基金费用计提
方法、计提标准和支付方式 三、不列入基金费用的项目 四、基金税收 第十六节 基金
的会计与审计 一、基金会计政策 二、基金的年度审计 第十七节 基金的信息披露 一
收益与分配 一、基金利润的构成 二、基金可供分配利润 三、基金收益分配原则 四、
收益分配方案 五、收益分配的时间和程序 六、基金收益分配中发生的费用 第十五节
基金的费用与税收 一、基金费用的种类 二、基金费用计提方法、计提标准和支付方式
三、不列入基金费用的项目 四、基金税收 第十六节 基金的会计与审计 一、基金会计
政策 二、基金的年度审计 第十七节 基金的信息披露 一、信息披露义务人 二、本基
构成 二、基金可供分配利润 三、基金收益分配原则 四、收益分配方案 五、收益分配
的时间和程序 六、基金收益分配中发生的费用 第十五节 基金的费用与税收 一、基金
费用的种类 二、基金费用计提方法、计提标准和支付方式 三、不列入基金费用的项目
四、基金税收 第十六节 基金的会计与审计 一、基金会计政策 二、基金的年度审计
第十七节 基金的信息披露 一、信息披露义务人 二、本基金信息披露义务人承诺公开披
三、基金收益分配原则 四、收益分配方案 五、收益分配的时间和程序 六、基金收益
分配中发生的费用 第十五节 基金的费用与税收 一、基金费用的种类 二、基金费用计
提方法、计提标准和支付方式 三、不列入基金费用的项目 四、基金税收 第十六节 基
金的会计与审计 一、基金会计政策 二、基金的年度审计 第十七节 基金的信息披露
的收益与分配 一、基金利润的构成 二、基金可供分配利润 三、基金收益分配原则 四
、收益分配方案 五、收益分配的时间和程序 六、基金收益分配中发生的费用 第十五节
基金的费用与税收 一、基金费用的种类 二、基金费用计提方法、计提标准和支付方式
三、不列入基金费用的项目 四、基金税收 第十六节 基金的会计与审计 一、基金会
计政策 二、基金的年度审计 第十七节 基金的信息披露 一、信息披露义务人 二、本
的构成 二、基金可供分配利润 三、基金收益分配原则 四、收益分配方案 五、收益分
配的时间和程序 六、基金收益分配中发生的费用 第十五节 基金的费用与税收 一、基
金费用的种类 二、基金费用计提方法、计提标准和支付方式 三、不列入基金费用的项目
四、基金税收 第十六节 基金的会计与审计 一、基金会计政策 二、基金的年度审计
第十七节 基金的信息披露 一、信息披露义务人 二、本基金信息披露义务人承诺公开
润 三、基金收益分配原则 四、收益分配方案 五、收益分配的时间和程序 六、基金收
益分配中发生的费用 第十五节 基金的费用与税收 一、基金费用的种类 二、基金费用
计提方法、计提标准和支付方式 三、不列入基金费用的项目 四、基金税收 第十六节
基金的会计与审计 一、基金会计政策 二、基金的年度审计 第十七节 基金的信息披露
金的收益与分配 一、基金利润的构成 二、基金可供分配利润 三、基金收益分配原则
四、收益分配方案 五、收益分配的时间和程序 六、基金收益分配中发生的费用 第十五
节 基金的费用与税收 一、基金费用的种类 二、基金费用计提方法、计提标准和支付方
式 三、不列入基金费用的项目 四、基金税收 第十六节 基金的会计与审计 一、基金
会计政策 二、基金的年度审计 第十七节 基金的信息披露 一、信息披露义务人 二、
润的构成 二、基金可供分配利润 三、基金收益分配原则 四、收益分配方案 五、收益
分配的时间和程序 六、基金收益分配中发生的费用 第十五节 基金的费用与税收 一、
基金费用的种类 二、基金费用计提方法、计提标准和支付方式 三、不列入基金费用的项
目 四、基金税收 第十六节 基金的会计与审计 一、基金会计政策 二、基金的年度审
计 第十七节 基金的信息披露 一、信息披露义务人 二、本基金信息披露义务人承诺公
利润 三、基金收益分配原则 四、收益分配方案 五、收益分配的时间和程序 六、基金
收益分配中发生的费用 第十五节 基金的费用与税收 一、基金费用的种类 二、基金费
用计提方法、计提标准和支付方式 三、不列入基金费用的项目 四、基金税收 第十六节
基金的会计与审计 一、基金会计政策 二、基金的年度审计 第十七节 基金的信息披
基金的收益与分配 一、基金利润的构成 二、基金可供分配利润 三、基金收益分配原则
四、收益分配方案 五、收益分配的时间和程序 六、基金收益分配中发生的费用 第十
五节 基金的费用与税收 一、基金费用的种类 二、基金费用计提方法、计提标准和支付
方式 三、不列入基金费用的项目 四、基金税收 第十六节 基金的会计与审计 一、基
金会计政策 二、基金的年度审计 第十七节 基金的信息披露 一、信息披露义务人 二
利润的构成 二、基金可供分配利润 三、基金收益分配原则 四、收益分配方案 五、收
益分配的时间和程序 六、基金收益分配中发生的费用 第十五节 基金的费用与税收 一
、基金费用的种类 二、基金费用计提方法、计提标准和支付方式 三、不列入基金费用的
项目 四、基金税收 第十六节 基金的会计与审计 一、基金会计政策 二、基金的年度
审计 第十七节 基金的信息披露 一、信息披露义务人 二、本基金信息披露义务人承诺
配利润 三、基金收益分配原则 四、收益分配方案 五、收益分配的时间和程序 六、基
金收益分配中发生的费用 第十五节 基金的费用与税收 一、基金费用的种类 二、基金
费用计提方法、计提标准和支付方式 三、不列入基金费用的项目 四、基金税收 第十六
节 基金的会计与审计 一、基金会计政策 二、基金的年度审计 第十七节 基金的信息
基金的收益与分配 一、基金利润的构成 二、基金可供分配利润 三、基金收益分配原
则 四、收益分配方案 五、收益分配的时间和程序 六、基金收益分配中发生的费用 第
十五节 基金的费用与税收 一、基金费用的种类 二、基金费用计提方法、计提标准和支
付方式 三、不列入基金费用的项目 四、基金税收 第十六节 基金的会计与审计 一、
基金会计政策 二、基金的年度审计 第十七节 基金的信息披露 一、信息披露义务人
金利润的构成 二、基金可供分配利润 三、基金收益分配原则 四、收益分配方案 五、
收益分配的时间和程序 六、基金收益分配中发生的费用 第十五节 基金的费用与税收
一、基金费用的种类 二、基金费用计提方法、计提标准和支付方式 三、不列入基金费用
的项目 四、基金税收 第十六节 基金的会计与审计 一、基金会计政策 二、基金的年
度审计 第十七节 基金的信息披露 一、信息披露义务人 二、本基金信息披露义务人承
分配利润 三、基金收益分配原则 四、收益分配方案 五、收益分配的时间和程序 六、
基金收益分配中发生的费用 第十五节 基金的费用与税收 一、基金费用的种类 二、基
金费用计提方法、计提标准和支付方式 三、不列入基金费用的项目 四、基金税收 第十
六节 基金的会计与审计 一、基金会计政策 二、基金的年度审计 第十七节 基金的信
节 基金的收益与分配 一、基金利润的构成 二、基金可供分配利润 三、基金收益分配
原则 四、收益分配方案 五、收益分配的时间和程序 六、基金收益分配中发生的费用
第十五节 基金的费用与税收 一、基金费用的种类 二、基金费用计提方法、计提标准和
支付方式 三、不列入基金费用的项目 四、基金税收 第十六节 基金的会计与审计 一
、基金会计政策 二、基金的年度审计 第十七节 基金的信息披露 一、信息披露义务人
基金利润的构成 二、基金可供分配利润 三、基金收益分配原则 四、收益分配方案 五
、收益分配的时间和程序 六、基金收益分配中发生的费用 第十五节 基金的费用与税收
一、基金费用的种类 二、基金费用计提方法、计提标准和支付方式 三、不列入基金费
用的项目 四、基金税收 第十六节 基金的会计与审计 一、基金会计政策 二、基金的
年度审计 第十七节 基金的信息披露 一、信息披露义务人 二、本基金信息披露义务人
供分配利润 三、基金收益分配原则 四、收益分配方案 五、收益分配的时间和程序 六
、基金收益分配中发生的费用 第十五节 基金的费用与税收 一、基金费用的种类 二、
基金费用计提方法、计提标准和支付方式 三、不列入基金费用的项目 四、基金税收 第
十六节 基金的会计与审计 一、基金会计政策 二、基金的年度审计 第十七节 基金的
四节 基金的收益与分配 一、基金利润的构成 二、基金可供分配利润 三、基金收益分
配原则 四、收益分配方案 五、收益分配的时间和程序 六、基金收益分配中发生的费用
第十五节 基金的费用与税收 一、基金费用的种类 二、基金费用计提方法、计提标准
和支付方式 三、不列入基金费用的项目 四、基金税收 第十六节 基金的会计与审计
一、基金会计政策 二、基金的年度审计 第十七节 基金的信息披露 一、信息披露义务
、基金利润的构成 二、基金可供分配利润 三、基金收益分配原则 四、收益分配方案
五、收益分配的时间和程序 六、基金收益分配中发生的费用 第十五节 基金的费用与税
收 一、基金费用的种类 二、基金费用计提方法、计提标准和支付方式 三、不列入基金
费用的项目 四、基金税收 第十六节 基金的会计与审计 一、基金会计政策 二、基金
的年度审计 第十七节 基金的信息披露 一、信息披露义务人 二、本基金信息披露义务
可供分配利润 三、基金收益分配原则 四、收益分配方案 五、收益分配的时间和程序
六、基金收益分配中发生的费用 第十五节 基金的费用与税收 一、基金费用的种类 二
、基金费用计提方法、计提标准和支付方式 三、不列入基金费用的项目 四、基金税收
第十六节 基金的会计与审计 一、基金会计政策 二、基金的年度审计 第十七节 基金
十四节 基金的收益与分配 一、基金利润的构成 二、基金可供分配利润 三、基金收益
分配原则 四、收益分配方案 五、收益分配的时间和程序 六、基金收益分配中发生的费
用 第十五节 基金的费用与税收 一、基金费用的种类 二、基金费用计提方法、计提标
准和支付方式 三、不列入基金费用的项目 四、基金税收 第十六节 基金的会计与审计
一、基金会计政策 二、基金的年度审计 第十七节 基金的信息披露 一、信息披露义
一、基金利润的构成 二、基金可供分配利润 三、基金收益分配原则 四、收益分配方案
五、收益分配的时间和程序 六、基金收益分配中发生的费用 第十五节 基金的费用与
税收 一、基金费用的种类 二、基金费用计提方法、计提标准和支付方式 三、不列入基
金费用的项目 四、基金税收 第十六节 基金的会计与审计 一、基金会计政策 二、基
金的年度审计 第十七节 基金的信息披露 一、信息披露义务人 二、本基金信息披露义
金可供分配利润 三、基金收益分配原则 四、收益分配方案 五、收益分配的时间和程序
六、基金收益分配中发生的费用 第十五节 基金的费用与税收 一、基金费用的种类
二、基金费用计提方法、计提标准和支付方式 三、不列入基金费用的项目 四、基金税收
第十六节 基金的会计与审计 一、基金会计政策 二、基金的年度审计 第十七节 基
第十四节 基金的收益与分配 一、基金利润的构成 二、基金可供分配利润 三、基金收
益分配原则 四、收益分配方案 五、收益分配的时间和程序 六、基金收益分配中发生的
费用 第十五节 基金的费用与税收 一、基金费用的种类 二、基金费用计提方法、计提
标准和支付方式 三、不列入基金费用的项目 四、基金税收 第十六节 基金的会计与审
计 一、基金会计政策 二、基金的年度审计 第十七节 基金的信息披露 一、信息披露
一、基金利润的构成 二、基金可供分配利润 三、基金收益分配原则 四、收益分配方
案 五、收益分配的时间和程序 六、基金收益分配中发生的费用 第十五节 基金的费用
与税收 一、基金费用的种类 二、基金费用计提方法、计提标准和支付方式 三、不列入
基金费用的项目 四、基金税收 第十六节 基金的会计与审计 一、基金会计政策 二、
基金的年度审计 第十七节 基金的信息披露 一、信息披露义务人 二、本基金信息披露
基金可供分配利润 三、基金收益分配原则 四、收益分配方案 五、收益分配的时间和程
序 六、基金收益分配中发生的费用 第十五节 基金的费用与税收 一、基金费用的种类
二、基金费用计提方法、计提标准和支付方式 三、不列入基金费用的项目 四、基金税
收 第十六节 基金的会计与审计 一、基金会计政策 二、基金的年度审计 第十七节
基金的信息披露 一、信息披露义务人 二、本基金信息披露义务人承诺公开披露的基金信
收益分配原则 四、收益分配方案 五、收益分配的时间和程序 六、基金收益分配中发生
的费用 第十五节 基金的费用与税收 一、基金费用的种类 二、基金费用计提方法、计
提标准和支付方式 三、不列入基金费用的项目 四、基金税收 第十六节 基金的会计与
审计 一、基金会计政策 二、基金的年度审计 第十七节 基金的信息披露 一、信息披
配 一、基金利润的构成 二、基金可供分配利润 三、基金收益分配原则 四、收益分配
方案 五、收益分配的时间和程序 六、基金收益分配中发生的费用 第十五节 基金的费
用与税收 一、基金费用的种类 二、基金费用计提方法、计提标准和支付方式 三、不列
入基金费用的项目 四、基金税收 第十六节 基金的会计与审计 一、基金会计政策 二
第十八节 风险揭示 一、市场风险 二、管理风险 三、流动性风险 四、特定风险 五
、操作或技术风险 六、合规性风险 七、其他风险 第十九节 基金合同的变更、终止与
基金财产的清算 一、基金合同的变更 二、基金合同的终止事由 三、基金财产的清算
四、清算费用 五、基金财产清算剩余资产的分配 六、基金财产清算的公告 七、基金财
产清算账册及文件的保存 第二十节 基金合同内容摘要 第二十一节 基金托管协议的内
容摘要 第二十二节 对基金份额持有人的服务 第二十三节 其他应披露事项 第二十四
险 二、管理风险 三、流动性风险 四、特定风险 五、操作或技术风险 六、合规性风
险 七、其他风险 第十九节 基金合同的变更、终止与基金财产的清算 一、基金合同的
变更 二、基金合同的终止事由 三、基金财产的清算 四、清算费用 五、基金财产清算
剩余资产的分配 六、基金财产清算的公告 七、基金财产清算账册及文件的保存 第二十
节 基金合同内容摘要 第二十一节 基金托管协议的内容摘要 第二十二节 对基金份额
持有人的服务 第二十三节 其他应披露事项 第二十四节 招募说明书存放及查阅方式
险 四、特定风险 五、操作或技术风险 六、合规性风险 七、其他风险 第十九节 基
金合同的变更、终止与基金财产的清算 一、基金合同的变更 二、基金合同的终止事由
三、基金财产的清算 四、清算费用 五、基金财产清算剩余资产的分配 六、基金财产清
算的公告 七、基金财产清算账册及文件的保存 第二十节 基金合同内容摘要 第二十一
节 基金托管协议的内容摘要 第二十二节 对基金份额持有人的服务 第二十三节 其他
风险揭示 一、市场风险 二、管理风险 三、流动性风险 四、特定风险 五、操作或技
术风险 六、合规性风险 七、其他风险 第十九节 基金合同的变更、终止与基金财产的
清算 一、基金合同的变更 二、基金合同的终止事由 三、基金财产的清算 四、清算费
用 五、基金财产清算剩余资产的分配 六、基金财产清算的公告 七、基金财产清算账册
及文件的保存 第二十节 基金合同内容摘要 第二十一节 基金托管协议的内容摘要 第
二十二节 对基金份额持有人的服务 第二十三节 其他应披露事项 第二十四节 招募说
理风险 三、流动性风险 四、特定风险 五、操作或技术风险 六、合规性风险 七、其
他风险 第十九节 基金合同的变更、终止与基金财产的清算 一、基金合同的变更 二、
基金合同的终止事由 三、基金财产的清算 四、清算费用 五、基金财产清算剩余资产的
分配 六、基金财产清算的公告 七、基金财产清算账册及文件的保存 第二十节 基金合
同内容摘要 第二十一节 基金托管协议的内容摘要 第二十二节 对基金份额持有人的服
务 第二十三节 其他应披露事项 第二十四节 招募说明书存放及查阅方式 第二十五节
定风险 五、操作或技术风险 六、合规性风险 七、其他风险 第十九节 基金合同的变
更、终止与基金财产的清算 一、基金合同的变更 二、基金合同的终止事由 三、基金财
产的清算 四、清算费用 五、基金财产清算剩余资产的分配 六、基金财产清算的公告
七、基金财产清算账册及文件的保存 第二十节 基金合同内容摘要 第二十一节 基金托
管协议的内容摘要 第二十二节 对基金份额持有人的服务 第二十三节 其他应披露事项
一、市场风险 二、管理风险 三、流动性风险 四、特定风险 五、操作或技术风险 六
、合规性风险 七、其他风险 第十九节 基金合同的变更、终止与基金财产的清算 一、
基金合同的变更 二、基金合同的终止事由 三、基金财产的清算 四、清算费用 五、基
金财产清算剩余资产的分配 六、基金财产清算的公告 七、基金财产清算账册及文件的保
存 第二十节 基金合同内容摘要 第二十一节 基金托管协议的内容摘要 第二十二节
对基金份额持有人的服务 第二十三节 其他应披露事项 第二十四节 招募说明书存放及
、流动性风险 四、特定风险 五、操作或技术风险 六、合规性风险 七、其他风险 第
十九节 基金合同的变更、终止与基金财产的清算 一、基金合同的变更 二、基金合同的
终止事由 三、基金财产的清算 四、清算费用 五、基金财产清算剩余资产的分配 六、
基金财产清算的公告 七、基金财产清算账册及文件的保存 第二十节 基金合同内容摘要
第二十一节 基金托管协议的内容摘要 第二十二节 对基金份额持有人的服务 第二十
第十八节 风险揭示 一、市场风险 二、管理风险 三、流动性风险 四、特定风险 五
、操作或技术风险 六、合规性风险 七、其他风险 第十九节 基金合同的变更、终止与
基金财产的清算 一、基金合同的变更 二、基金合同的终止事由 三、基金财产的清算
四、清算费用 五、基金财产清算剩余资产的分配 六、基金财产清算的公告 七、基金财
产清算账册及文件的保存 第二十节 基金合同内容摘要 第二十一节 基金托管协议的内
容摘要 第二十二节 对基金份额持有人的服务 第二十三节 其他应披露事项 第二十四
险 二、管理风险 三、流动性风险 四、特定风险 五、操作或技术风险 六、合规性风
险 七、其他风险 第十九节 基金合同的变更、终止与基金财产的清算 一、基金合同的
变更 二、基金合同的终止事由 三、基金财产的清算 四、清算费用 五、基金财产清算
剩余资产的分配 六、基金财产清算的公告 七、基金财产清算账册及文件的保存 第二十
节 基金合同内容摘要 第二十一节 基金托管协议的内容摘要 第二十二节 对基金份额
持有人的服务 第二十三节 其他应披露事项 第二十四节 招募说明书存放及查阅方式
险 四、特定风险 五、操作或技术风险 六、合规性风险 七、其他风险 第十九节 基
金合同的变更、终止与基金财产的清算 一、基金合同的变更 二、基金合同的终止事由
三、基金财产的清算 四、清算费用 五、基金财产清算剩余资产的分配 六、基金财产清
算的公告 七、基金财产清算账册及文件的保存 第二十节 基金合同内容摘要 第二十一
节 基金托管协议的内容摘要 第二十二节 对基金份额持有人的服务 第二十三节 其他
风险揭示 一、市场风险 二、管理风险 三、流动性风险 四、特定风险 五、操作或技
术风险 六、合规性风险 七、其他风险 第十九节 基金合同的变更、终止与基金财产的
清算 一、基金合同的变更 二、基金合同的终止事由 三、基金财产的清算 四、清算费
用 五、基金财产清算剩余资产的分配 六、基金财产清算的公告 七、基金财产清算账册
及文件的保存 第二十节 基金合同内容摘要 第二十一节 基金托管协议的内容摘要 第
二十二节 对基金份额持有人的服务 第二十三节 其他应披露事项 第二十四节 招募说
理风险 三、流动性风险 四、特定风险 五、操作或技术风险 六、合规性风险 七、其
他风险 第十九节 基金合同的变更、终止与基金财产的清算 一、基金合同的变更 二、
基金合同的终止事由 三、基金财产的清算 四、清算费用 五、基金财产清算剩余资产的
分配 六、基金财产清算的公告 七、基金财产清算账册及文件的保存 第二十节 基金合
同内容摘要 第二十一节 基金托管协议的内容摘要 第二十二节 对基金份额持有人的服
务 第二十三节 其他应披露事项 第二十四节 招募说明书存放及查阅方式 第二十五节
定风险 五、操作或技术风险 六、合规性风险 七、其他风险 第十九节 基金合同的变
更、终止与基金财产的清算 一、基金合同的变更 二、基金合同的终止事由 三、基金财
产的清算 四、清算费用 五、基金财产清算剩余资产的分配 六、基金财产清算的公告
七、基金财产清算账册及文件的保存 第二十节 基金合同内容摘要 第二十一节 基金托
管协议的内容摘要 第二十二节 对基金份额持有人的服务 第二十三节 其他应披露事项
一、市场风险 二、管理风险 三、流动性风险 四、特定风险 五、操作或技术风险 六
、合规性风险 七、其他风险 第十九节 基金合同的变更、终止与基金财产的清算 一、
基金合同的变更 二、基金合同的终止事由 三、基金财产的清算 四、清算费用 五、基
金财产清算剩余资产的分配 六、基金财产清算的公告 七、基金财产清算账册及文件的保
存 第二十节 基金合同内容摘要 第二十一节 基金托管协议的内容摘要 第二十二节
对基金份额持有人的服务 第二十三节 其他应披露事项 第二十四节 招募说明书存放及
、流动性风险 四、特定风险 五、操作或技术风险 六、合规性风险 七、其他风险 第
十九节 基金合同的变更、终止与基金财产的清算 一、基金合同的变更 二、基金合同的
终止事由 三、基金财产的清算 四、清算费用 五、基金财产清算剩余资产的分配 六、
基金财产清算的公告 七、基金财产清算账册及文件的保存 第二十节 基金合同内容摘要
第二十一节 基金托管协议的内容摘要 第二十二节 对基金份额持有人的服务 第二十
第十八节 风险揭示 一、市场风险 二、管理风险 三、流动性风险 四、特定风险 五
、操作或技术风险 六、合规性风险 七、其他风险 第十九节 基金合同的变更、终止与
基金财产的清算 一、基金合同的变更 二、基金合同的终止事由 三、基金财产的清算
四、清算费用 五、基金财产清算剩余资产的分配 六、基金财产清算的公告 七、基金财
产清算账册及文件的保存 第二十节 基金合同内容摘要 第二十一节 基金托管协议的内
容摘要 第二十二节 对基金份额持有人的服务 第二十三节 其他应披露事项 第二十四
险 二、管理风险 三、流动性风险 四、特定风险 五、操作或技术风险 六、合规性风
险 七、其他风险 第十九节 基金合同的变更、终止与基金财产的清算 一、基金合同的
变更 二、基金合同的终止事由 三、基金财产的清算 四、清算费用 五、基金财产清算
剩余资产的分配 六、基金财产清算的公告 七、基金财产清算账册及文件的保存 第二十
节 基金合同内容摘要 第二十一节 基金托管协议的内容摘要 第二十二节 对基金份额
持有人的服务 第二十三节 其他应披露事项 第二十四节 招募说明书存放及查阅方式
险 四、特定风险 五、操作或技术风险 六、合规性风险 七、其他风险 第十九节 基
金合同的变更、终止与基金财产的清算 一、基金合同的变更 二、基金合同的终止事由
三、基金财产的清算 四、清算费用 五、基金财产清算剩余资产的分配 六、基金财产清
算的公告 七、基金财产清算账册及文件的保存 第二十节 基金合同内容摘要 第二十一
节 基金托管协议的内容摘要 第二十二节 对基金份额持有人的服务 第二十三节 其他
风险揭示 一、市场风险 二、管理风险 三、流动性风险 四、特定风险 五、操作或技
术风险 六、合规性风险 七、其他风险 第十九节 基金合同的变更、终止与基金财产的
清算 一、基金合同的变更 二、基金合同的终止事由 三、基金财产的清算 四、清算费
用 五、基金财产清算剩余资产的分配 六、基金财产清算的公告 七、基金财产清算账册
及文件的保存 第二十节 基金合同内容摘要 第二十一节 基金托管协议的内容摘要 第
二十二节 对基金份额持有人的服务 第二十三节 其他应披露事项 第二十四节 招募说
理风险 三、流动性风险 四、特定风险 五、操作或技术风险 六、合规性风险 七、其
他风险 第十九节 基金合同的变更、终止与基金财产的清算 一、基金合同的变更 二、
基金合同的终止事由 三、基金财产的清算 四、清算费用 五、基金财产清算剩余资产的
分配 六、基金财产清算的公告 七、基金财产清算账册及文件的保存 第二十节 基金合
同内容摘要 第二十一节 基金托管协议的内容摘要 第二十二节 对基金份额持有人的服
务 第二十三节 其他应披露事项 第二十四节 招募说明书存放及查阅方式 第二十五节
定风险 五、操作或技术风险 六、合规性风险 七、其他风险 第十九节 基金合同的变
更、终止与基金财产的清算 一、基金合同的变更 二、基金合同的终止事由 三、基金财
产的清算 四、清算费用 五、基金财产清算剩余资产的分配 六、基金财产清算的公告
七、基金财产清算账册及文件的保存 第二十节 基金合同内容摘要 第二十一节 基金托
管协议的内容摘要 第二十二节 对基金份额持有人的服务 第二十三节 其他应披露事项
一、市场风险 二、管理风险 三、流动性风险 四、特定风险 五、操作或技术风险 六
、合规性风险 七、其他风险 第十九节 基金合同的变更、终止与基金财产的清算 一、
基金合同的变更 二、基金合同的终止事由 三、基金财产的清算 四、清算费用 五、基
金财产清算剩余资产的分配 六、基金财产清算的公告 七、基金财产清算账册及文件的保
存 第二十节 基金合同内容摘要 第二十一节 基金托管协议的内容摘要 第二十二节
对基金份额持有人的服务 第二十三节 其他应披露事项 第二十四节 招募说明书存放及
、流动性风险 四、特定风险 五、操作或技术风险 六、合规性风险 七、其他风险 第
十九节 基金合同的变更、终止与基金财产的清算 一、基金合同的变更 二、基金合同的
终止事由 三、基金财产的清算 四、清算费用 五、基金财产清算剩余资产的分配 六、
基金财产清算的公告 七、基金财产清算账册及文件的保存 第二十节 基金合同内容摘要
第二十一节 基金托管协议的内容摘要 第二十二节 对基金份额持有人的服务 第二十
第十八节 风险揭示 一、市场风险 二、管理风险 三、流动性风险 四、特定风险 五
、操作或技术风险 六、合规性风险 七、其他风险 第十九节 基金合同的变更、终止与
基金财产的清算 一、基金合同的变更 二、基金合同的终止事由 三、基金财产的清算
四、清算费用 五、基金财产清算剩余资产的分配 六、基金财产清算的公告 七、基金财
产清算账册及文件的保存 第二十节 基金合同内容摘要 第二十一节 基金托管协议的内
容摘要 第二十二节 对基金份额持有人的服务 第二十三节 其他应披露事项 第二十四
险 二、管理风险 三、流动性风险 四、特定风险 五、操作或技术风险 六、合规性风
险 七、其他风险 第十九节 基金合同的变更、终止与基金财产的清算 一、基金合同的
变更 二、基金合同的终止事由 三、基金财产的清算 四、清算费用 五、基金财产清算
剩余资产的分配 六、基金财产清算的公告 七、基金财产清算账册及文件的保存 第二十
节 基金合同内容摘要 第二十一节 基金托管协议的内容摘要 第二十二节 对基金份额
持有人的服务 第二十三节 其他应披露事项 第二十四节 招募说明书存放及查阅方式
险 四、特定风险 五、操作或技术风险 六、合规性风险 七、其他风险 第十九节 基
金合同的变更、终止与基金财产的清算 一、基金合同的变更 二、基金合同的终止事由
三、基金财产的清算 四、清算费用 五、基金财产清算剩余资产的分配 六、基金财产清
算的公告 七、基金财产清算账册及文件的保存 第二十节 基金合同内容摘要 第二十一
节 基金托管协议的内容摘要 第二十二节 对基金份额持有人的服务 第二十三节 其他
风险揭示 一、市场风险 二、管理风险 三、流动性风险 四、特定风险 五、操作或技
术风险 六、合规性风险 七、其他风险 第十九节 基金合同的变更、终止与基金财产的
清算 一、基金合同的变更 二、基金合同的终止事由 三、基金财产的清算 四、清算费
用 五、基金财产清算剩余资产的分配 六、基金财产清算的公告 七、基金财产清算账册
及文件的保存 第二十节 基金合同内容摘要 第二十一节 基金托管协议的内容摘要 第
二十二节 对基金份额持有人的服务 第二十三节 其他应披露事项 第二十四节 招募说
理风险 三、流动性风险 四、特定风险 五、操作或技术风险 六、合规性风险 七、其
他风险 第十九节 基金合同的变更、终止与基金财产的清算 一、基金合同的变更 二、
基金合同的终止事由 三、基金财产的清算 四、清算费用 五、基金财产清算剩余资产的
分配 六、基金财产清算的公告 七、基金财产清算账册及文件的保存 第二十节 基金合
同内容摘要 第二十一节 基金托管协议的内容摘要 第二十二节 对基金份额持有人的服
务 第二十三节 其他应披露事项 第二十四节 招募说明书存放及查阅方式 第二十五节
定风险 五、操作或技术风险 六、合规性风险 七、其他风险 第十九节 基金合同的变
更、终止与基金财产的清算 一、基金合同的变更 二、基金合同的终止事由 三、基金财
产的清算 四、清算费用 五、基金财产清算剩余资产的分配 六、基金财产清算的公告
七、基金财产清算账册及文件的保存 第二十节 基金合同内容摘要 第二十一节 基金托
管协议的内容摘要 第二十二节 对基金份额持有人的服务 第二十三节 其他应披露事项
一、市场风险 二、管理风险 三、流动性风险 四、特定风险 五、操作或技术风险 六
、合规性风险 七、其他风险 第十九节 基金合同的变更、终止与基金财产的清算 一、
基金合同的变更 二、基金合同的终止事由 三、基金财产的清算 四、清算费用 五、基
金财产清算剩余资产的分配 六、基金财产清算的公告 七、基金财产清算账册及文件的保
存 第二十节 基金合同内容摘要 第二十一节 基金托管协议的内容摘要 第二十二节
对基金份额持有人的服务 第二十三节 其他应披露事项 第二十四节 招募说明书存放及
、流动性风险 四、特定风险 五、操作或技术风险 六、合规性风险 七、其他风险 第
十九节 基金合同的变更、终止与基金财产的清算 一、基金合同的变更 二、基金合同的
终止事由 三、基金财产的清算 四、清算费用 五、基金财产清算剩余资产的分配 六、
基金财产清算的公告 七、基金财产清算账册及文件的保存 第二十节 基金合同内容摘要
第二十一节 基金托管协议的内容摘要 第二十二节 对基金份额持有人的服务 第二十
第十八节 风险揭示 一、市场风险 二、管理风险 三、流动性风险 四、特定风险 五
、操作或技术风险 六、合规性风险 七、其他风险 第十九节 基金合同的变更、终止与
基金财产的清算 一、基金合同的变更 二、基金合同的终止事由 三、基金财产的清算
四、清算费用 五、基金财产清算剩余资产的分配 六、基金财产清算的公告 七、基金财
产清算账册及文件的保存 第二十节 基金合同内容摘要 第二十一节 基金托管协议的内
容摘要 第二十二节 对基金份额持有人的服务 第二十三节 其他应披露事项 第二十四
险 二、管理风险 三、流动性风险 四、特定风险 五、操作或技术风险 六、合规性风
险 七、其他风险 第十九节 基金合同的变更、终止与基金财产的清算 一、基金合同的
变更 二、基金合同的终止事由 三、基金财产的清算 四、清算费用 五、基金财产清算
剩余资产的分配 六、基金财产清算的公告 七、基金财产清算账册及文件的保存 第二十
节 基金合同内容摘要 第二十一节 基金托管协议的内容摘要 第二十二节 对基金份额
持有人的服务 第二十三节 其他应披露事项 第二十四节 招募说明书存放及查阅方式
险 四、特定风险 五、操作或技术风险 六、合规性风险 七、其他风险 第十九节 基
金合同的变更、终止与基金财产的清算 一、基金合同的变更 二、基金合同的终止事由
三、基金财产的清算 四、清算费用 五、基金财产清算剩余资产的分配 六、基金财产清
算的公告 七、基金财产清算账册及文件的保存 第二十节 基金合同内容摘要 第二十一
节 基金托管协议的内容摘要 第二十二节 对基金份额持有人的服务 第二十三节 其他
风险揭示 一、市场风险 二、管理风险 三、流动性风险 四、特定风险 五、操作或技
术风险 六、合规性风险 七、其他风险 第十九节 基金合同的变更、终止与基金财产的
清算 一、基金合同的变更 二、基金合同的终止事由 三、基金财产的清算 四、清算费
用 五、基金财产清算剩余资产的分配 六、基金财产清算的公告 七、基金财产清算账册
及文件的保存 第二十节 基金合同内容摘要 第二十一节 基金托管协议的内容摘要 第
二十二节 对基金份额持有人的服务 第二十三节 其他应披露事项 第二十四节 招募说
理风险 三、流动性风险 四、特定风险 五、操作或技术风险 六、合规性风险 七、其
他风险 第十九节 基金合同的变更、终止与基金财产的清算 一、基金合同的变更 二、
基金合同的终止事由 三、基金财产的清算 四、清算费用 五、基金财产清算剩余资产的
分配 六、基金财产清算的公告 七、基金财产清算账册及文件的保存 第二十节 基金合
同内容摘要 第二十一节 基金托管协议的内容摘要 第二十二节 对基金份额持有人的服
务 第二十三节 其他应披露事项 第二十四节 招募说明书存放及查阅方式 第二十五节
定风险 五、操作或技术风险 六、合规性风险 七、其他风险 第十九节 基金合同的变
特此公告
